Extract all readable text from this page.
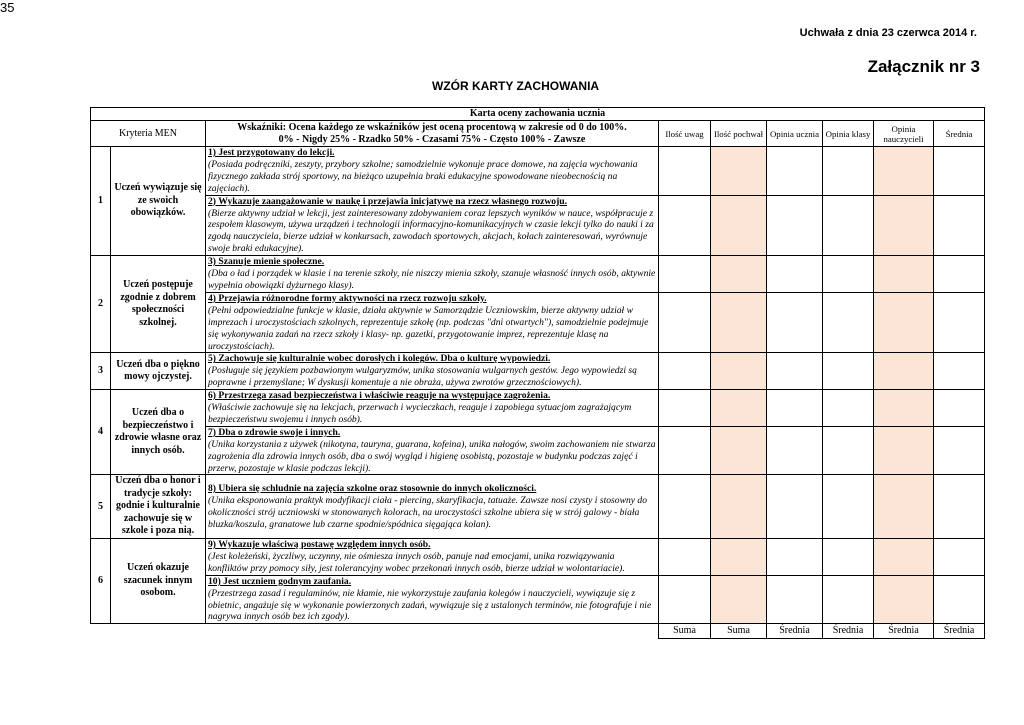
Uchwała z dnia 23 czerwca 2014 r.
Załącznik nr 3
WZÓR KARTY ZACHOWANIA
35
Karta oceny zachowania ucznia								
Kryteria MEN		Wskaźniki: Ocena każdego ze wskaźników jest oceną procentową w zakresie od 0 do 100%.
0% - Nigdy 25% - Rzadko 50% - Czasami 75% - Często 100% - Zawsze	Ilość uwag	Ilość pochwał	Opinia ucznia	Opinia klasy	Opinia nauczycieli	Średnia
1	Uczeń wywiązuje się ze swoich obowiązków.	1) Jest przygotowany do lekcji.
(Posiada podręczniki, zeszyty, przybory szkolne; samodzielnie wykonuje prace domowe, na zajęcia wychowania fizycznego zakłada strój sportowy, na bieżąco uzupełnia braki edukacyjne spowodowane nieobecnością na zajęciach).						

		2) Wykazuje zaangażowanie w naukę i przejawia inicjatywę na rzecz własnego rozwoju.
(Bierze aktywny udział w lekcji, jest zainteresowany zdobywaniem coraz lepszych wyników w nauce, współpracuje z zespołem klasowym, używa urządzeń i technologii informacyjno-komunikacyjnych w czasie lekcji tylko do nauki i za zgodą nauczyciela, bierze udział w konkursach, zawodach sportowych, akcjach, kołach zainteresowań, wyrównuje swoje braki edukacyjne).						

2	Uczeń postępuje zgodnie z dobrem społeczności szkolnej.	3) Szanuje mienie społeczne.
(Dba o ład i porządek w klasie i na terenie szkoły, nie niszczy mienia szkoły, szanuje własność innych osób, aktywnie wypełnia obowiązki dyżurnego klasy).						

		4) Przejawia różnorodne formy aktywności na rzecz rozwoju szkoły.
(Pełni odpowiedzialne funkcje w klasie, działa aktywnie w Samorządzie Uczniowskim, bierze aktywny udział w imprezach i uroczystościach szkolnych, reprezentuje szkołę (np. podczas "dni otwartych"), samodzielnie podejmuje się wykonywania zadań na rzecz szkoły i klasy- np. gazetki, przygotowanie imprez, reprezentuje klasę na uroczystościach).						

3	Uczeń dba o piękno mowy ojczystej.	5) Zachowuje się kulturalnie wobec dorosłych i kolegów. Dba o kulturę wypowiedzi.
(Posługuje się językiem pozbawionym wulgaryzmów, unika stosowania wulgarnych gestów. Jego wypowiedzi są poprawne i przemyślane; W dyskusji komentuje a nie obraża, używa zwrotów grzecznościowych).						

4	Uczeń dba o bezpieczeństwo i zdrowie własne oraz innych osób.	6) Przestrzega zasad bezpieczeństwa i właściwie reaguje na występujące zagrożenia.
(Właściwie zachowuje się na lekcjach, przerwach i wycieczkach, reaguje i zapobiega sytuacjom zagrażającym bezpieczeństwu swojemu i innych osób).						

		7) Dba o zdrowie swoje i innych.
(Unika korzystania z używek (nikotyna, tauryna, guarana, kofeina), unika nałogów, swoim zachowaniem nie stwarza zagrożenia dla zdrowia innych osób, dba o swój wygląd i higienę osobistą, pozostaje w budynku podczas zajęć i przerw, pozostaje w klasie podczas lekcji).						

5	Uczeń dba o honor i tradycje szkoły: godnie i kulturalnie zachowuje się w szkole i poza nią.	8) Ubiera się schludnie na zajęcia szkolne oraz stosownie do innych okoliczności.
(Unika eksponowania praktyk modyfikacji ciała - piercing, skaryfikacja, tatuaże. Zawsze nosi czysty i stosowny do okoliczności strój uczniowski w stonowanych kolorach, na uroczystości szkolne ubiera się w strój galowy - biała bluzka/koszula, granatowe lub czarne spodnie/spódnica sięgająca kolan).						

6	Uczeń okazuje szacunek innym osobom.	9) Wykazuje właściwą postawę względem innych osób.
(Jest koleżeński, życzliwy, uczynny, nie ośmiesza innych osób, panuje nad emocjami, unika rozwiązywania konfliktów przy pomocy siły, jest tolerancyjny wobec przekonań innych osób, bierze udział w wolontariacie).						

		10) Jest uczniem godnym zaufania.
(Przestrzega zasad i regulaminów, nie kłamie, nie wykorzystuje zaufania kolegów i nauczycieli, wywiązuje się z obietnic, angażuje się w wykonanie powierzonych zadań, wywiązuje się z ustalonych terminów, nie fotografuje i nie nagrywa innych osób bez ich zgody).						

			Suma	Suma	Średnia	Średnia	Średnia	Średnia
